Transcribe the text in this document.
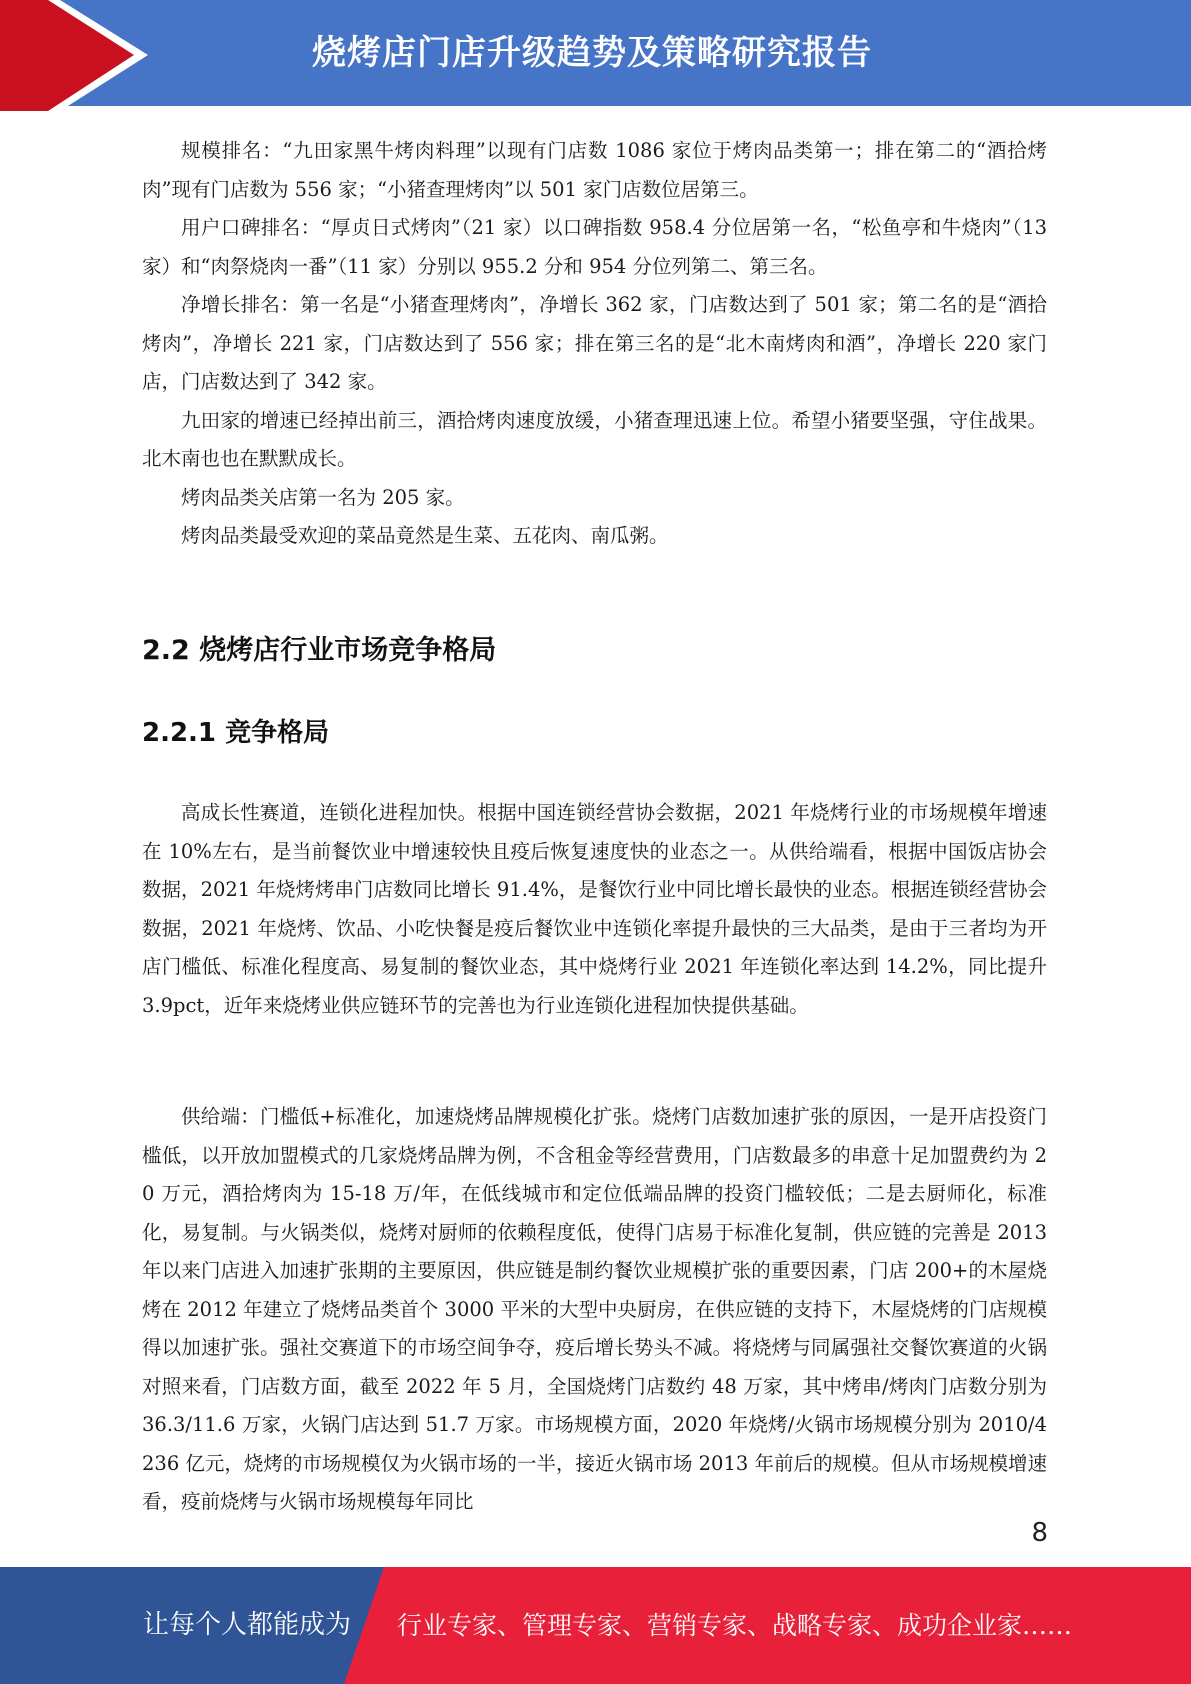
烧烤店门店升级趋势及策略研究报告

规模排名：“九田家黑牛烤肉料理”以现有门店数 1086 家位于烤肉品类第一；排在第二的“酒拾烤肉”现有门店数为 556 家；“小猪查理烤肉”以 501 家门店数位居第三。

用户口碑排名：“厚贞日式烤肉”（21 家）以口碑指数 958.4 分位居第一名，“松鱼亭和牛烧肉”（13 家）和“肉祭烧肉一番”（11 家）分别以 955.2 分和 954 分位列第二、第三名。

净增长排名：第一名是“小猪查理烤肉”，净增长 362 家，门店数达到了 501 家；第二名的是“酒拾烤肉”，净增长 221 家，门店数达到了 556 家；排在第三名的是“北木南烤肉和酒”，净增长 220 家门店，门店数达到了 342 家。

九田家的增速已经掉出前三，酒拾烤肉速度放缓，小猪查理迅速上位。希望小猪要坚强，守住战果。北木南也也在默默成长。

烤肉品类关店第一名为 205 家。

烤肉品类最受欢迎的菜品竟然是生菜、五花肉、南瓜粥。

2.2 烧烤店行业市场竞争格局
2.2.1 竞争格局

高成长性赛道，连锁化进程加快。根据中国连锁经营协会数据，2021 年烧烤行业的市场规模年增速在 10%左右，是当前餐饮业中增速较快且疫后恢复速度快的业态之一。从供给端看，根据中国饭店协会数据，2021 年烧烤烤串门店数同比增长 91.4%，是餐饮行业中同比增长最快的业态。根据连锁经营协会数据，2021 年烧烤、饮品、小吃快餐是疫后餐饮业中连锁化率提升最快的三大品类，是由于三者均为开店门槛低、标准化程度高、易复制的餐饮业态，其中烧烤行业 2021 年连锁化率达到 14.2%，同比提升 3.9pct，近年来烧烤业供应链环节的完善也为行业连锁化进程加快提供基础。

供给端：门槛低+标准化，加速烧烤品牌规模化扩张。烧烤门店数加速扩张的原因，一是开店投资门槛低，以开放加盟模式的几家烧烤品牌为例，不含租金等经营费用，门店数最多的串意十足加盟费约为 20 万元，酒拾烤肉为 15-18 万/年，在低线城市和定位低端品牌的投资门槛较低；二是去厨师化，标准化，易复制。与火锅类似，烧烤对厨师的依赖程度低，使得门店易于标准化复制，供应链的完善是 2013 年以来门店进入加速扩张期的主要原因，供应链是制约餐饮业规模扩张的重要因素，门店 200+的木屋烧烤在 2012 年建立了烧烤品类首个 3000 平米的大型中央厨房，在供应链的支持下，木屋烧烤的门店规模得以加速扩张。强社交赛道下的市场空间争夺，疫后增长势头不减。将烧烤与同属强社交餐饮赛道的火锅对照来看，门店数方面，截至 2022 年 5 月，全国烧烤门店数约 48 万家，其中烤串/烤肉门店数分别为 36.3/11.6 万家，火锅门店达到 51.7 万家。市场规模方面，2020 年烧烤/火锅市场规模分别为 2010/4236 亿元，烧烤的市场规模仅为火锅市场的一半，接近火锅市场 2013 年前后的规模。但从市场规模增速看，疫前烧烤与火锅市场规模每年同比

8
让每个人都能成为 行业专家、管理专家、营销专家、战略专家、成功企业家……
